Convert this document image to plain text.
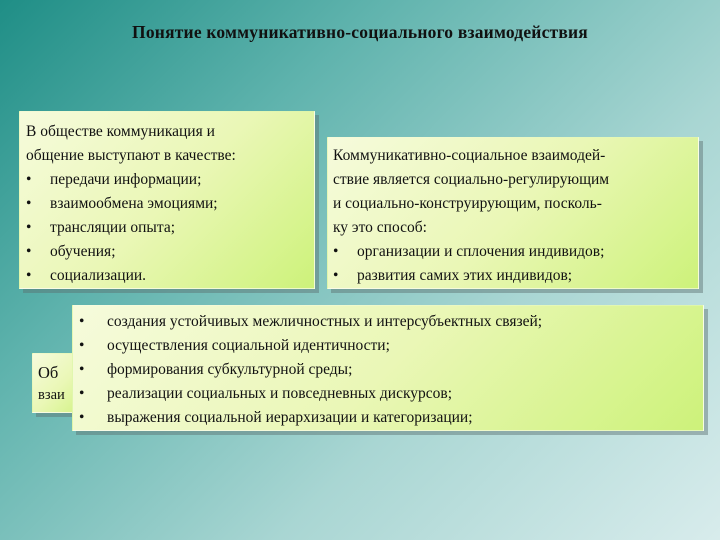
Понятие коммуникативно-социального взаимодействия
В обществе коммуникация и
общение выступают в качестве:
•	передачи информации;
•	взаимообмена эмоциями;
•	трансляции опыта;
•	обучения;
•	социализации.
Коммуникативно-социальное взаимодей-
ствие является социально-регулирующим
и социально-конструирующим, посколь-
ку это способ:
•	организации и сплочения индивидов;
•	развития самих этих индивидов;
Об
взаи
•	создания устойчивых межличностных и интерсубъектных связей;
•	осуществления социальной идентичности;
•	формирования субкультурной среды;
•	реализации социальных и повседневных дискурсов;
•	выражения социальной иерархизации и категоризации;
